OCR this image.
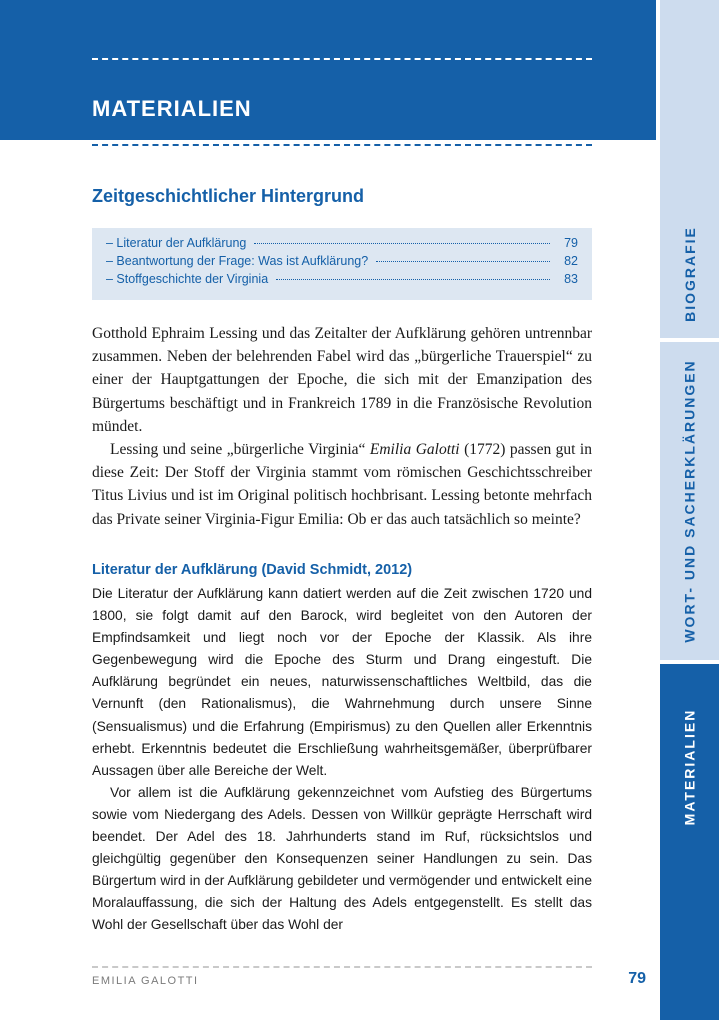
MATERIALIEN
BIOGRAFIE
WORT- UND SACHERKLÄRUNGEN
MATERIALIEN
Zeitgeschichtlicher Hintergrund
– Literatur der Aufklärung	79
– Beantwortung der Frage: Was ist Aufklärung?	82
– Stoffgeschichte der Virginia	83

Gotthold Ephraim Lessing und das Zeitalter der Aufklärung gehören untrennbar zusammen. Neben der belehrenden Fabel wird das „bürgerliche Trauerspiel“ zu einer der Hauptgattungen der Epoche, die sich mit der Emanzipation des Bürgertums beschäftigt und in Frankreich 1789 in die Französische Revolution mündet.

Lessing und seine „bürgerliche Virginia“ Emilia Galotti (1772) passen gut in diese Zeit: Der Stoff der Virginia stammt vom römischen Geschichtsschreiber Titus Livius und ist im Original politisch hochbrisant. Lessing betonte mehrfach das Private seiner Virginia-Figur Emilia: Ob er das auch tatsächlich so meinte?

Literatur der Aufklärung (David Schmidt, 2012)

Die Literatur der Aufklärung kann datiert werden auf die Zeit zwischen 1720 und 1800, sie folgt damit auf den Barock, wird begleitet von den Autoren der Empfindsamkeit und liegt noch vor der Epoche der Klassik. Als ihre Gegenbewegung wird die Epoche des Sturm und Drang eingestuft. Die Aufklärung begründet ein neues, naturwissenschaftliches Weltbild, das die Vernunft (den Rationalismus), die Wahrnehmung durch unsere Sinne (Sensualismus) und die Erfahrung (Empirismus) zu den Quellen aller Erkenntnis erhebt. Erkenntnis bedeutet die Erschließung wahrheitsgemäßer, überprüfbarer Aussagen über alle Bereiche der Welt.

Vor allem ist die Aufklärung gekennzeichnet vom Aufstieg des Bürgertums sowie vom Niedergang des Adels. Dessen von Willkür geprägte Herrschaft wird beendet. Der Adel des 18. Jahrhunderts stand im Ruf, rücksichtslos und gleichgültig gegenüber den Konsequenzen seiner Handlungen zu sein. Das Bürgertum wird in der Aufklärung gebildeter und vermögender und entwickelt eine Moralauffassung, die sich der Haltung des Adels entgegenstellt. Es stellt das Wohl der Gesellschaft über das Wohl der

EMILIA GALOTTI	79
